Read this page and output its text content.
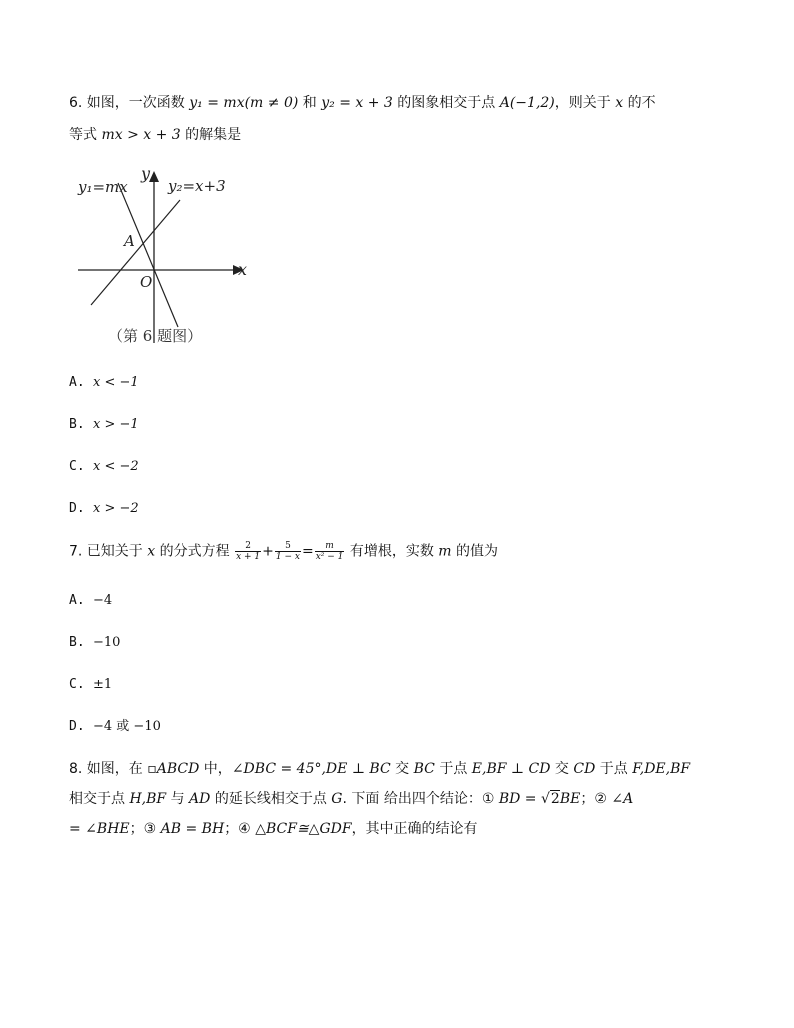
6. 如图，一次函数 y₁ = mx(m ≠ 0) 和 y₂ = x + 3 的图象相交于点 A(−1,2)，则关于 x 的不
等式 mx > x + 3 的解集是
y₁=mx	y₂=x+3
y
x
A
O
（第 6 题图）
A. x < −1
B. x > −1
C. x < −2
D. x > −2
7. 已知关于 x 的分式方程 $\frac{2}{x + 1} + \frac{5}{1 - x} = \frac{m}{\text{x² − 1}}$ 有增根，实数 m 的值为
A. −4
B. −10
C. ±1
D. −4 或 −10
8. 如图，在 ▫ABCD 中，∠DBC = 45°,DE ⊥ BC 交 BC 于点 E,BF ⊥ CD 交 CD 于点 F,DE,BF
相交于点 H,BF 与 AD 的延长线相交于点 G. 下面 给出四个结论：① BD = √2BE；② ∠A
= ∠BHE；③ AB = BH；④ △BCF≅△GDF，其中正确的结论有
